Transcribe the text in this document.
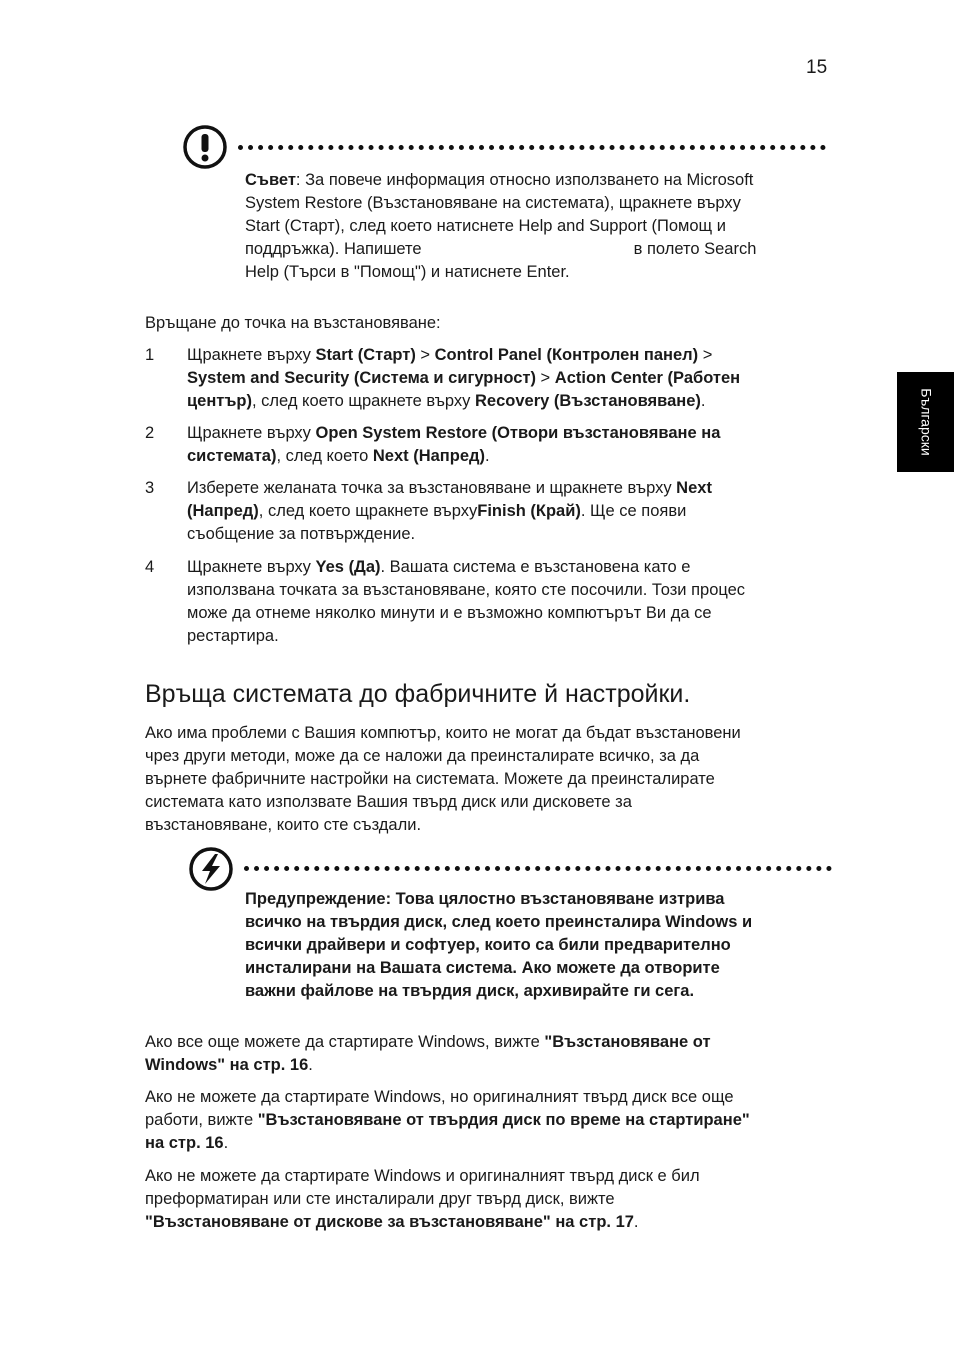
15
Български
Съвет: За повече информация относно използването на Microsoft
System Restore (Възстановяване на системата), щракнете върху
Start (Старт), след което натиснете Help and Support (Помощ и
поддръжка). Напишете	в полето Search
Help (Търси в "Помощ") и натиснете Enter.
Връщане до точка на възстановяване:
1	Щракнете върху Start (Старт) > Control Panel (Контролен панел) >
System and Security (Система и сигурност) > Action Center (Работен
център), след което щракнете върху Recovery (Възстановяване).
2	Щракнете върху Open System Restore (Отвори възстановяване на
системата), след което Next (Напред).
3	Изберете желаната точка за възстановяване и щракнете върху Next
(Напред), след което щракнете върхуFinish (Край). Ще се появи
съобщение за потвърждение.
4	Щракнете върху Yes (Да). Вашата система е възстановена като е
използвана точката за възстановяване, която сте посочили. Този процес
може да отнеме няколко минути и е възможно компютърът Ви да се
рестартира.
Връща системата до фабричните й настройки.
Ако има проблеми с Вашия компютър, които не могат да бъдат възстановени
чрез други методи, може да се наложи да преинсталирате всичко, за да
върнете фабричните настройки на системата. Можете да преинсталирате
системата като използвате Вашия твърд диск или дисковете за
възстановяване, които сте създали.
Предупреждение: Това цялостно възстановяване изтрива
всичко на твърдия диск, след което преинсталира Windows и
всички драйвери и софтуер, които са били предварително
инсталирани на Вашата система. Ако можете да отворите
важни файлове на твърдия диск, архивирайте ги сега.
Ако все още можете да стартирате Windows, вижте "Възстановяване от
Windows" на стр. 16.
Ако не можете да стартирате Windows, но оригиналният твърд диск все още
работи, вижте "Възстановяване от твърдия диск по време на стартиране"
на стр. 16.
Ако не можете да стартирате Windows и оригиналният твърд диск е бил
преформатиран или сте инсталирали друг твърд диск, вижте
"Възстановяване от дискове за възстановяване" на стр. 17.
